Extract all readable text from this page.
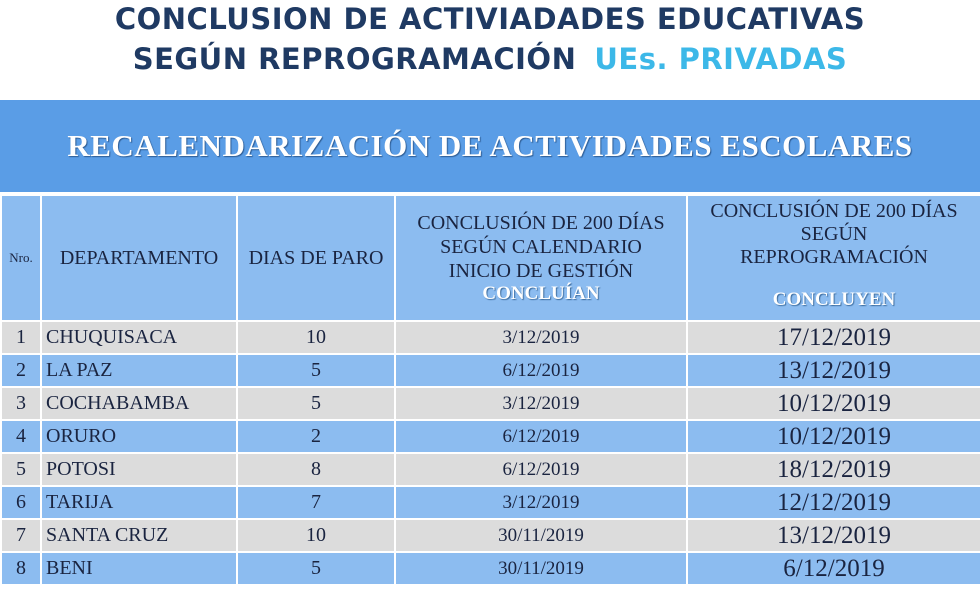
CONCLUSION DE ACTIVIADADES EDUCATIVAS
SEGÚN REPROGRAMACIÓN UEs. PRIVADAS
RECALENDARIZACIÓN DE ACTIVIDADES ESCOLARES
Nro.	DEPARTAMENTO	DIAS DE PARO	CONCLUSIÓN DE 200 DÍAS
SEGÚN CALENDARIO
INICIO DE GESTIÓN
CONCLUÍAN	CONCLUSIÓN DE 200 DÍAS
SEGÚN
REPROGRAMACIÓN
CONCLUYEN

1	CHUQUISACA	10	3/12/2019	17/12/2019
2	LA PAZ	5	6/12/2019	13/12/2019
3	COCHABAMBA	5	3/12/2019	10/12/2019
4	ORURO	2	6/12/2019	10/12/2019
5	POTOSI	8	6/12/2019	18/12/2019
6	TARIJA	7	3/12/2019	12/12/2019
7	SANTA CRUZ	10	30/11/2019	13/12/2019
8	BENI	5	30/11/2019	6/12/2019
